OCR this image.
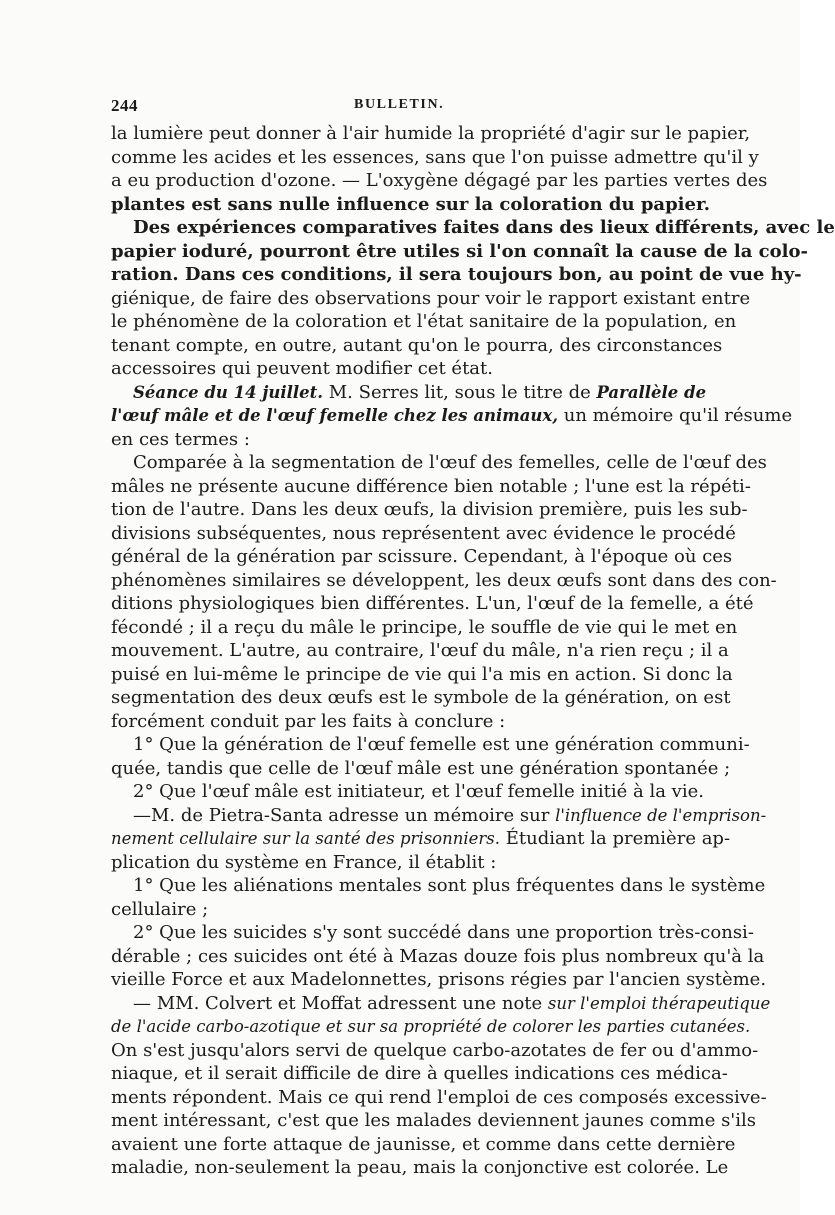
244	BULLETIN.
la lumière peut donner à l'air humide la propriété d'agir sur le papier,
comme les acides et les essences, sans que l'on puisse admettre qu'il y
a eu production d'ozone. — L'oxygène dégagé par les parties vertes des
plantes est sans nulle influence sur la coloration du papier.
Des expériences comparatives faites dans des lieux différents, avec le
papier ioduré, pourront être utiles si l'on connaît la cause de la colo-
ration. Dans ces conditions, il sera toujours bon, au point de vue hy-
giénique, de faire des observations pour voir le rapport existant entre
le phénomène de la coloration et l'état sanitaire de la population, en
tenant compte, en outre, autant qu'on le pourra, des circonstances
accessoires qui peuvent modifier cet état.
Séance du 14 juillet. M. Serres lit, sous le titre de Parallèle de
l'œuf mâle et de l'œuf femelle chez les animaux, un mémoire qu'il résume
en ces termes :
Comparée à la segmentation de l'œuf des femelles, celle de l'œuf des
mâles ne présente aucune différence bien notable ; l'une est la répéti-
tion de l'autre. Dans les deux œufs, la division première, puis les sub-
divisions subséquentes, nous représentent avec évidence le procédé
général de la génération par scissure. Cependant, à l'époque où ces
phénomènes similaires se développent, les deux œufs sont dans des con-
ditions physiologiques bien différentes. L'un, l'œuf de la femelle, a été
fécondé ; il a reçu du mâle le principe, le souffle de vie qui le met en
mouvement. L'autre, au contraire, l'œuf du mâle, n'a rien reçu ; il a
puisé en lui-même le principe de vie qui l'a mis en action. Si donc la
segmentation des deux œufs est le symbole de la génération, on est
forcément conduit par les faits à conclure :
1° Que la génération de l'œuf femelle est une génération communi-
quée, tandis que celle de l'œuf mâle est une génération spontanée ;
2° Que l'œuf mâle est initiateur, et l'œuf femelle initié à la vie.
—M. de Pietra-Santa adresse un mémoire sur l'influence de l'emprison-
nement cellulaire sur la santé des prisonniers. Étudiant la première ap-
plication du système en France, il établit :
1° Que les aliénations mentales sont plus fréquentes dans le système
cellulaire ;
2° Que les suicides s'y sont succédé dans une proportion très-consi-
dérable ; ces suicides ont été à Mazas douze fois plus nombreux qu'à la
vieille Force et aux Madelonnettes, prisons régies par l'ancien système.
— MM. Colvert et Moffat adressent une note sur l'emploi thérapeutique
de l'acide carbo-azotique et sur sa propriété de colorer les parties cutanées.
On s'est jusqu'alors servi de quelque carbo-azotates de fer ou d'ammo-
niaque, et il serait difficile de dire à quelles indications ces médica-
ments répondent. Mais ce qui rend l'emploi de ces composés excessive-
ment intéressant, c'est que les malades deviennent jaunes comme s'ils
avaient une forte attaque de jaunisse, et comme dans cette dernière
maladie, non-seulement la peau, mais la conjonctive est colorée. Le
